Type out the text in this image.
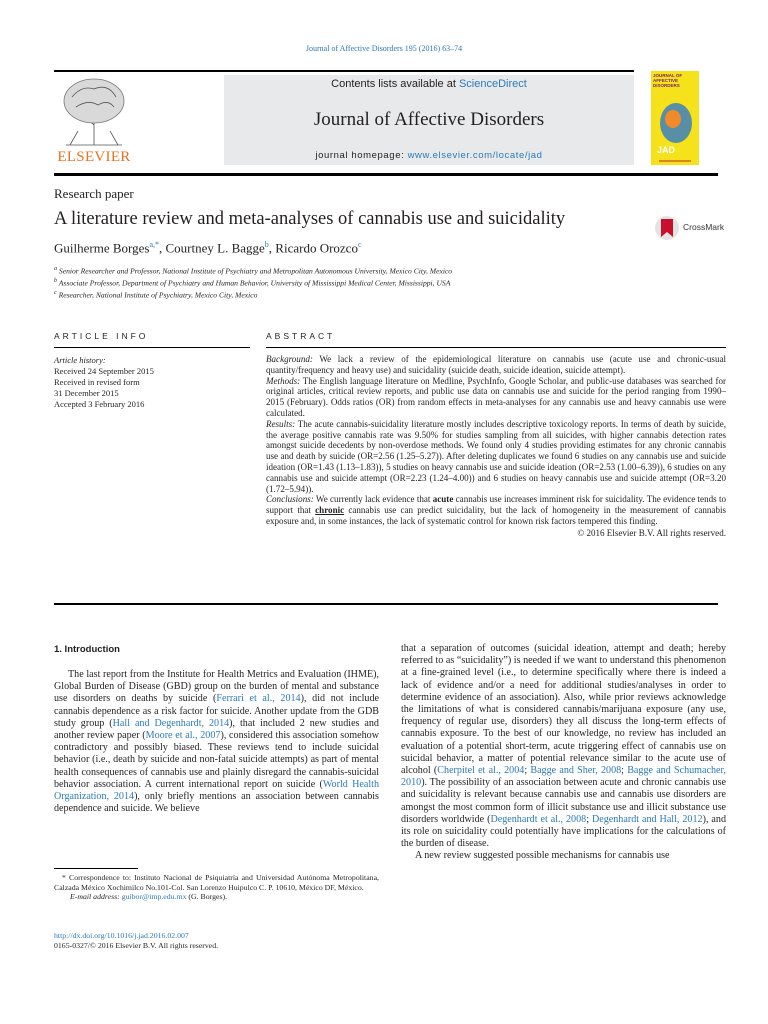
Journal of Affective Disorders 195 (2016) 63–74
ELSEVIER
Contents lists available at ScienceDirect
Journal of Affective Disorders
journal homepage: www.elsevier.com/locate/jad
JOURNAL OF AFFECTIVE DISORDERS
JAD
Research paper
A literature review and meta-analyses of cannabis use and suicidality	CrossMark
Guilherme Borges$^{a,*}$, Courtney L. Bagge$^b$, Ricardo Orozco$^c$
$^a$ Senior Researcher and Professor, National Institute of Psychiatry and Metropolitan Autonomous University, Mexico City, Mexico
$^b$ Associate Professor, Department of Psychiatry and Human Behavior, University of Mississippi Medical Center, Mississippi, USA
$^c$ Researcher, National Institute of Psychiatry, Mexico City, Mexico
ARTICLE INFO
Article history:
Received 24 September 2015
Received in revised form
31 December 2015
Accepted 3 February 2016
ABSTRACT

Background: We lack a review of the epidemiological literature on cannabis use (acute use and chronic-usual quantity/frequency and heavy use) and suicidality (suicide death, suicide ideation, suicide attempt).

Methods: The English language literature on Medline, PsychInfo, Google Scholar, and public-use databases was searched for original articles, critical review reports, and public use data on cannabis use and suicide for the period ranging from 1990–2015 (February). Odds ratios (OR) from random effects in meta-analyses for any cannabis use and heavy cannabis use were calculated.

Results: The acute cannabis-suicidality literature mostly includes descriptive toxicology reports. In terms of death by suicide, the average positive cannabis rate was 9.50% for studies sampling from all suicides, with higher cannabis detection rates amongst suicide decedents by non-overdose methods. We found only 4 studies providing estimates for any chronic cannabis use and death by suicide (OR=2.56 (1.25–5.27)). After deleting duplicates we found 6 studies on any cannabis use and suicide ideation (OR=1.43 (1.13–1.83)), 5 studies on heavy cannabis use and suicide ideation (OR=2.53 (1.00–6.39)), 6 studies on any cannabis use and suicide attempt (OR=2.23 (1.24–4.00)) and 6 studies on heavy cannabis use and suicide attempt (OR=3.20 (1.72–5.94)).

Conclusions: We currently lack evidence that acute cannabis use increases imminent risk for suicidality. The evidence tends to support that chronic cannabis use can predict suicidality, but the lack of homogeneity in the measurement of cannabis exposure and, in some instances, the lack of systematic control for known risk factors tempered this finding.

© 2016 Elsevier B.V. All rights reserved.

1. Introduction

The last report from the Institute for Health Metrics and Evaluation (IHME), Global Burden of Disease (GBD) group on the burden of mental and substance use disorders on deaths by suicide (Ferrari et al., 2014), did not include cannabis dependence as a risk factor for suicide. Another update from the GDB study group (Hall and Degenhardt, 2014), that included 2 new studies and another review paper (Moore et al., 2007), considered this association somehow contradictory and possibly biased. These reviews tend to include suicidal behavior (i.e., death by suicide and non-fatal suicide attempts) as part of mental health consequences of cannabis use and plainly disregard the cannabis-suicidal behavior association. A current international report on suicide (World Health Organization, 2014), only briefly mentions an association between cannabis dependence and suicide. We believe

* Correspondence to: Instituto Nacional de Psiquiatría and Universidad Autónoma Metropolitana, Calzada México Xochimilco No.101-Col. San Lorenzo Huipulco C. P. 10610, México DF, México.
E-mail address: guibor@imp.edu.mx (G. Borges).
http://dx.doi.org/10.1016/j.jad.2016.02.007
0165-0327/© 2016 Elsevier B.V. All rights reserved.

that a separation of outcomes (suicidal ideation, attempt and death; hereby referred to as “suicidality”) is needed if we want to understand this phenomenon at a fine-grained level (i.e., to determine specifically where there is indeed a lack of evidence and/or a need for additional studies/analyses in order to determine evidence of an association). Also, while prior reviews acknowledge the limitations of what is considered cannabis/marijuana exposure (any use, frequency of regular use, disorders) they all discuss the long-term effects of cannabis exposure. To the best of our knowledge, no review has included an evaluation of a potential short-term, acute triggering effect of cannabis use on suicidal behavior, a matter of potential relevance similar to the acute use of alcohol (Cherpitel et al., 2004; Bagge and Sher, 2008; Bagge and Schumacher, 2010). The possibility of an association between acute and chronic cannabis use and suicidality is relevant because cannabis use and cannabis use disorders are amongst the most common form of illicit substance use and illicit substance use disorders worldwide (Degenhardt et al., 2008; Degenhardt and Hall, 2012), and its role on suicidality could potentially have implications for the calculations of the burden of disease.

A new review suggested possible mechanisms for cannabis use
